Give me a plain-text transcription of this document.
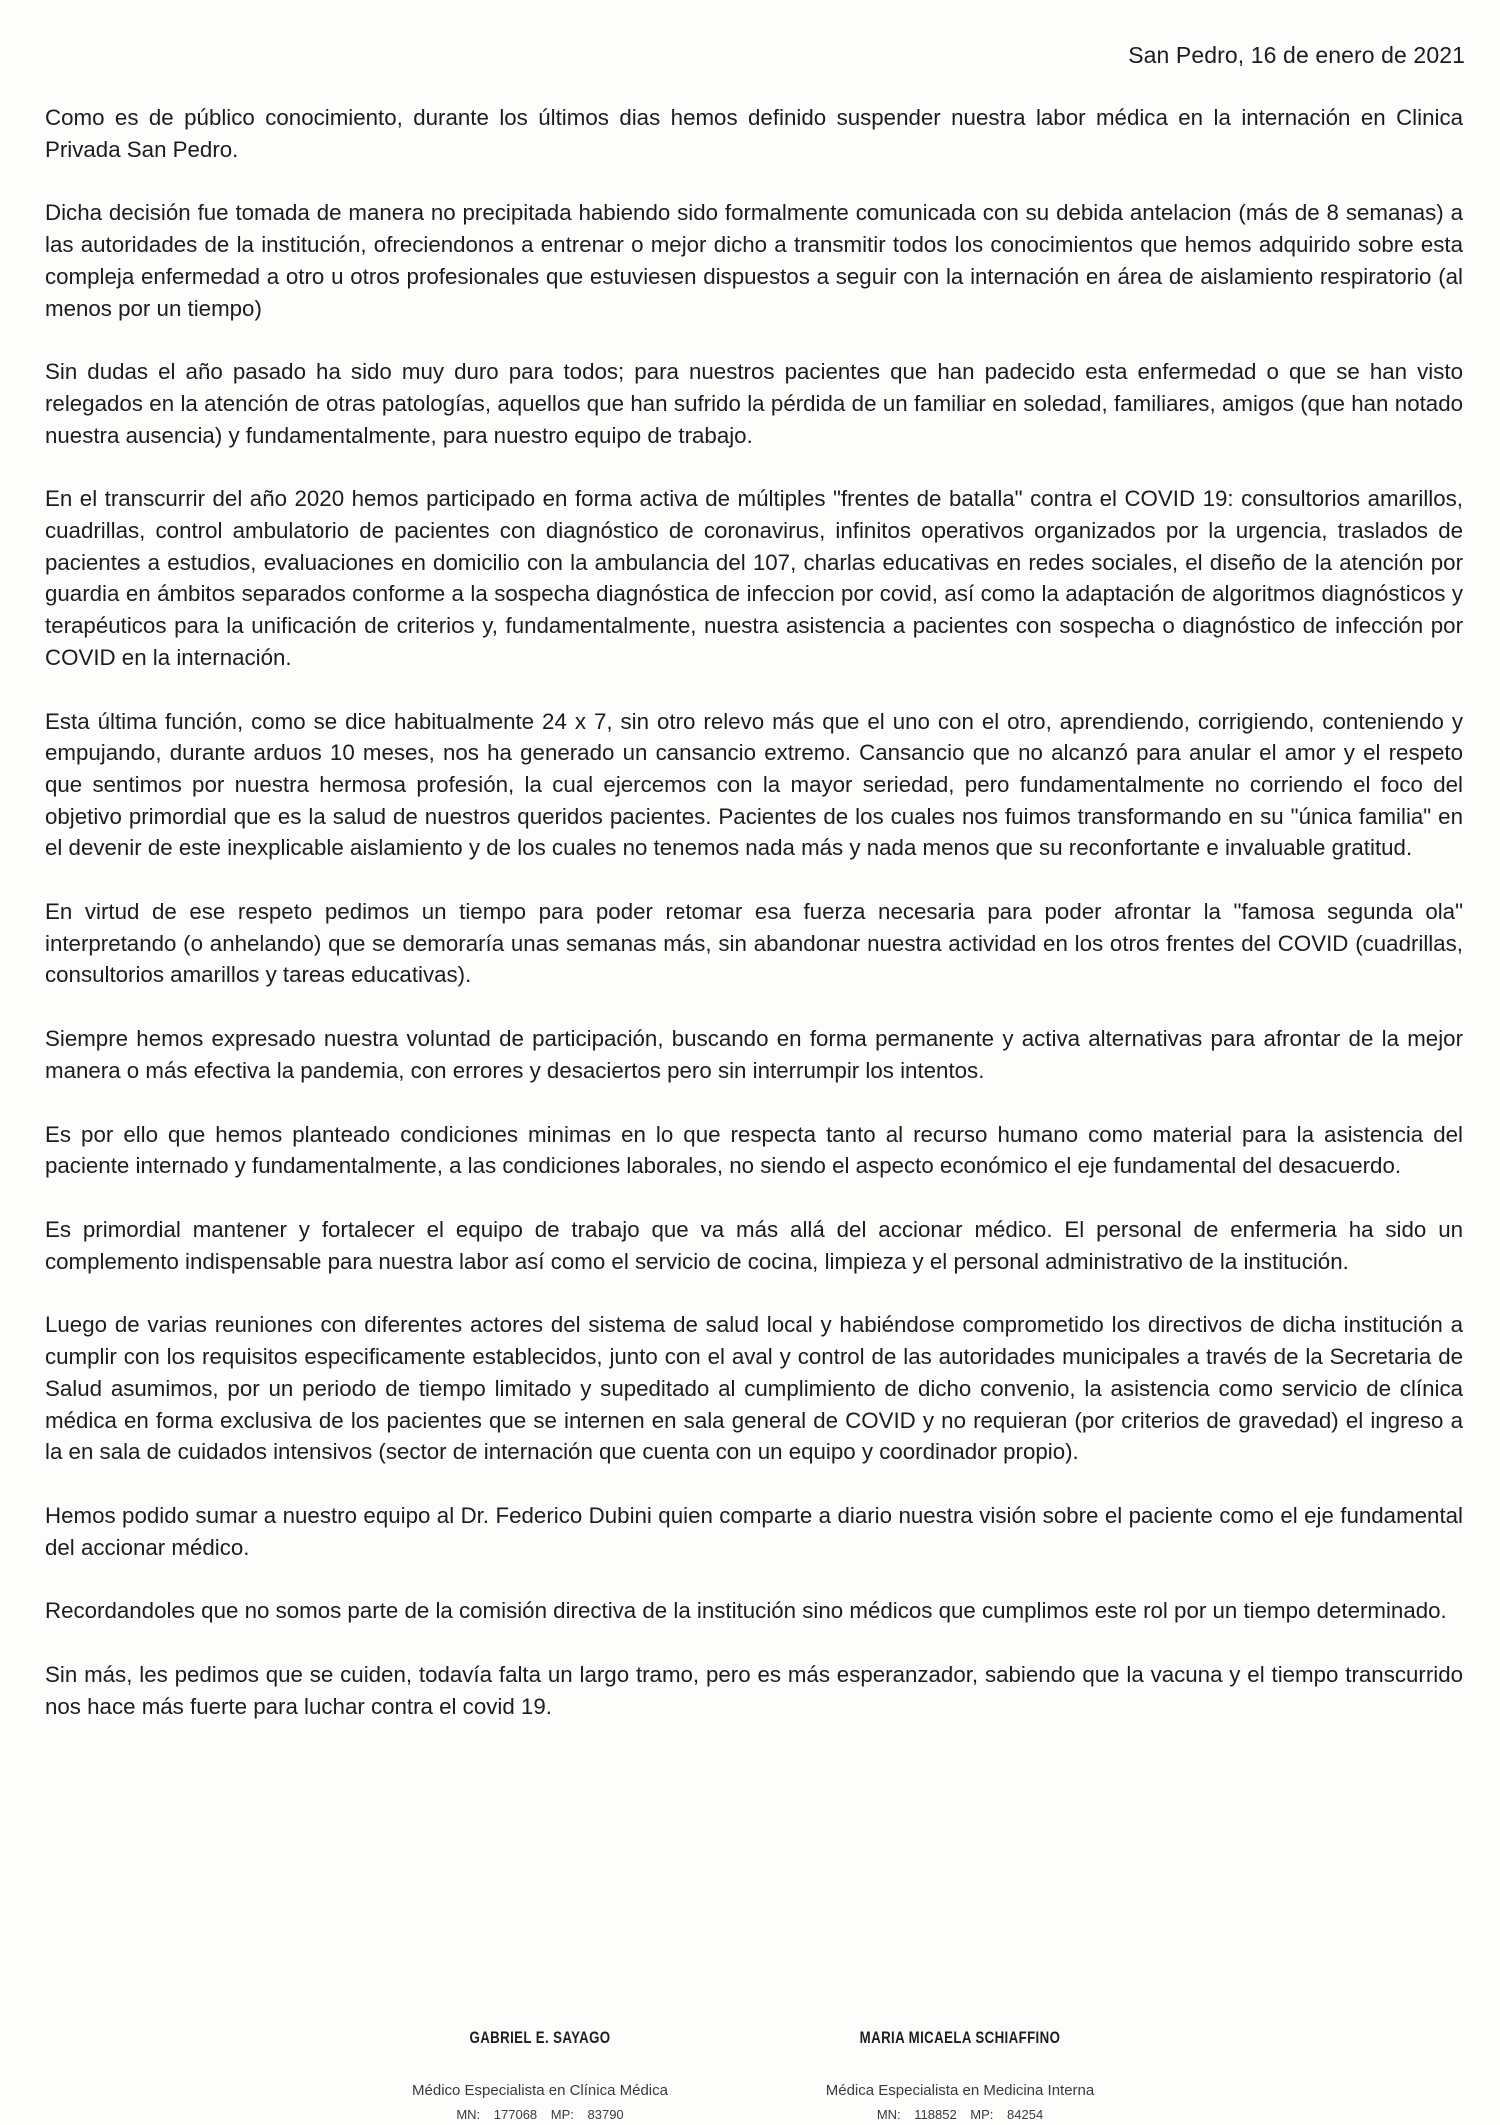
San Pedro, 16 de enero de 2021

Como es de público conocimiento, durante los últimos dias hemos definido suspender nuestra labor médica en la internación en Clinica Privada San Pedro.

Dicha decisión fue tomada de manera no precipitada habiendo sido formalmente comunicada con su debida antelacion (más de 8 semanas) a las autoridades de la institución, ofreciendonos a entrenar o mejor dicho a transmitir todos los conocimientos que hemos adquirido sobre esta compleja enfermedad a otro u otros profesionales que estuviesen dispuestos a seguir con la internación en área de aislamiento respiratorio (al menos por un tiempo)

Sin dudas el año pasado ha sido muy duro para todos; para nuestros pacientes que han padecido esta enfermedad o que se han visto relegados en la atención de otras patologías, aquellos que han sufrido la pérdida de un familiar en soledad, familiares, amigos (que han notado nuestra ausencia) y fundamentalmente, para nuestro equipo de trabajo.

En el transcurrir del año 2020 hemos participado en forma activa de múltiples "frentes de batalla" contra el COVID 19: consultorios amarillos, cuadrillas, control ambulatorio de pacientes con diagnóstico de coronavirus, infinitos operativos organizados por la urgencia, traslados de pacientes a estudios, evaluaciones en domicilio con la ambulancia del 107, charlas educativas en redes sociales, el diseño de la atención por guardia en ámbitos separados conforme a la sospecha diagnóstica de infeccion por covid, así como la adaptación de algoritmos diagnósticos y terapéuticos para la unificación de criterios y, fundamentalmente, nuestra asistencia a pacientes con sospecha o diagnóstico de infección por COVID en la internación.

Esta última función, como se dice habitualmente 24 x 7, sin otro relevo más que el uno con el otro, aprendiendo, corrigiendo, conteniendo y empujando, durante arduos 10 meses, nos ha generado un cansancio extremo. Cansancio que no alcanzó para anular el amor y el respeto que sentimos por nuestra hermosa profesión, la cual ejercemos con la mayor seriedad, pero fundamentalmente no corriendo el foco del objetivo primordial que es la salud de nuestros queridos pacientes. Pacientes de los cuales nos fuimos transformando en su "única familia" en el devenir de este inexplicable aislamiento y de los cuales no tenemos nada más y nada menos que su reconfortante e invaluable gratitud.

En virtud de ese respeto pedimos un tiempo para poder retomar esa fuerza necesaria para poder afrontar la "famosa segunda ola" interpretando (o anhelando) que se demoraría unas semanas más, sin abandonar nuestra actividad en los otros frentes del COVID (cuadrillas, consultorios amarillos y tareas educativas).

Siempre hemos expresado nuestra voluntad de participación, buscando en forma permanente y activa alternativas para afrontar de la mejor manera o más efectiva la pandemia, con errores y desaciertos pero sin interrumpir los intentos.

Es por ello que hemos planteado condiciones minimas en lo que respecta tanto al recurso humano como material para la asistencia del paciente internado y fundamentalmente, a las condiciones laborales, no siendo el aspecto económico el eje fundamental del desacuerdo.

Es primordial mantener y fortalecer el equipo de trabajo que va más allá del accionar médico. El personal de enfermeria ha sido un complemento indispensable para nuestra labor así como el servicio de cocina, limpieza y el personal administrativo de la institución.

Luego de varias reuniones con diferentes actores del sistema de salud local y habiéndose comprometido los directivos de dicha institución a cumplir con los requisitos especificamente establecidos, junto con el aval y control de las autoridades municipales a través de la Secretaria de Salud asumimos, por un periodo de tiempo limitado y supeditado al cumplimiento de dicho convenio, la asistencia como servicio de clínica médica en forma exclusiva de los pacientes que se internen en sala general de COVID y no requieran (por criterios de gravedad) el ingreso a la en sala de cuidados intensivos (sector de internación que cuenta con un equipo y coordinador propio).

Hemos podido sumar a nuestro equipo al Dr. Federico Dubini quien comparte a diario nuestra visión sobre el paciente como el eje fundamental del accionar médico.

Recordandoles que no somos parte de la comisión directiva de la institución sino médicos que cumplimos este rol por un tiempo determinado.

Sin más, les pedimos que se cuiden, todavía falta un largo tramo, pero es más esperanzador, sabiendo que la vacuna y el tiempo transcurrido nos hace más fuerte para luchar contra el covid 19.

GABRIEL E. SAYAGO
Médico Especialista en Clínica Médica
MN: 177068 MP: 83790
MARIA MICAELA SCHIAFFINO
Médica Especialista en Medicina Interna
MN: 118852 MP: 84254
